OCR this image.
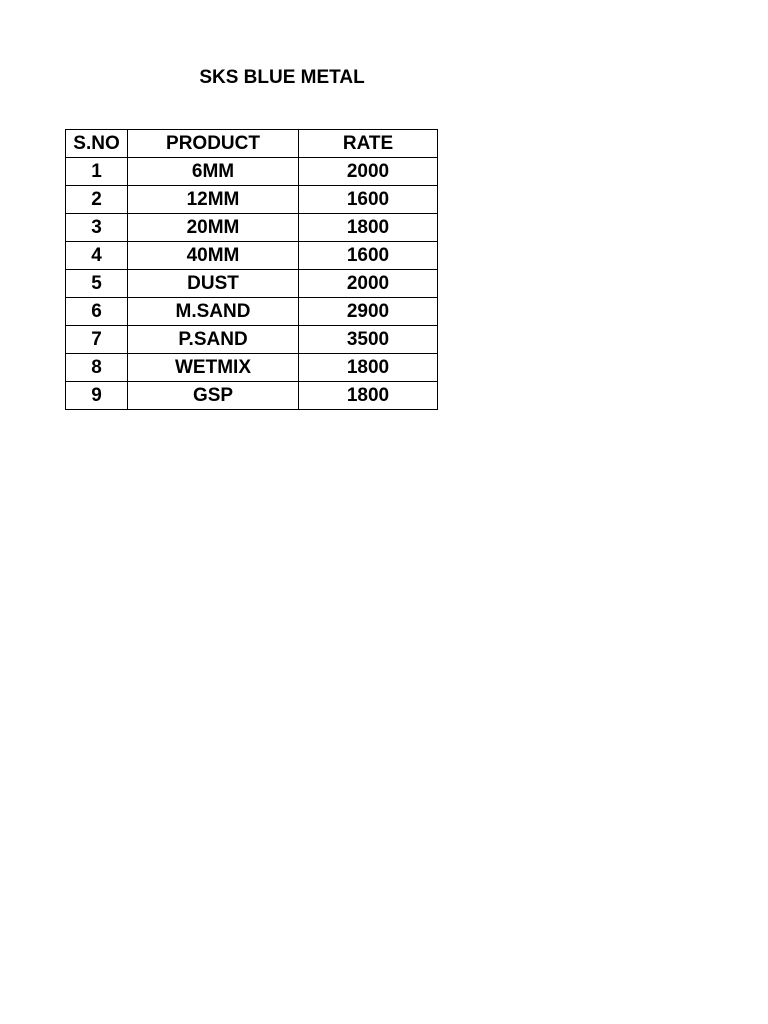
SKS BLUE METAL
S.NO	PRODUCT	RATE
1	6MM	2000
2	12MM	1600
3	20MM	1800
4	40MM	1600
5	DUST	2000
6	M.SAND	2900
7	P.SAND	3500
8	WETMIX	1800
9	GSP	1800
